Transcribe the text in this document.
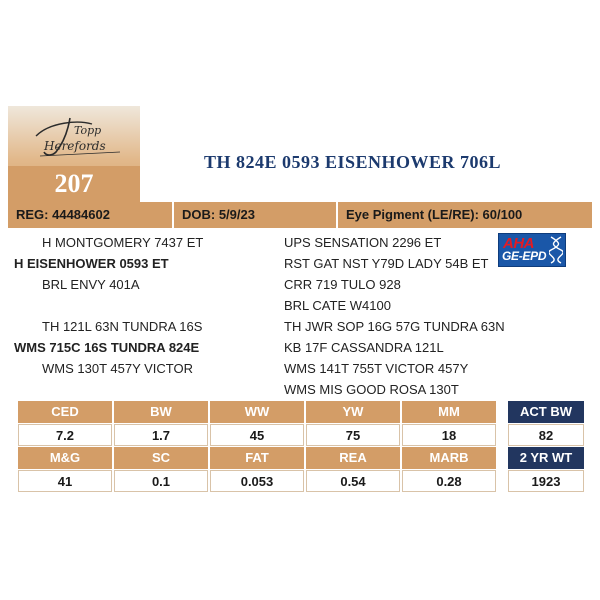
Topp
Herefords
207
TH 824E 0593 EISENHOWER 706L
REG: 44484602	DOB: 5/9/23	Eye Pigment (LE/RE): 60/100
AHA
GE-EPD
H MONTGOMERY 7437 ET
H EISENHOWER 0593 ET
BRL ENVY 401A
TH 121L 63N TUNDRA 16S
WMS 715C 16S TUNDRA 824E
WMS 130T 457Y VICTOR
UPS SENSATION 2296 ET
RST GAT NST Y79D LADY 54B ET
CRR 719 TULO 928
BRL CATE W4100
TH JWR SOP 16G 57G TUNDRA 63N
KB 17F CASSANDRA 121L
WMS 141T 755T VICTOR 457Y
WMS MIS GOOD ROSA 130T
CED	BW	WW	YW	MM
7.2	1.7	45	75	18
M&G	SC	FAT	REA	MARB
41	0.1	0.053	0.54	0.28
ACT BW
82
2 YR WT
1923
